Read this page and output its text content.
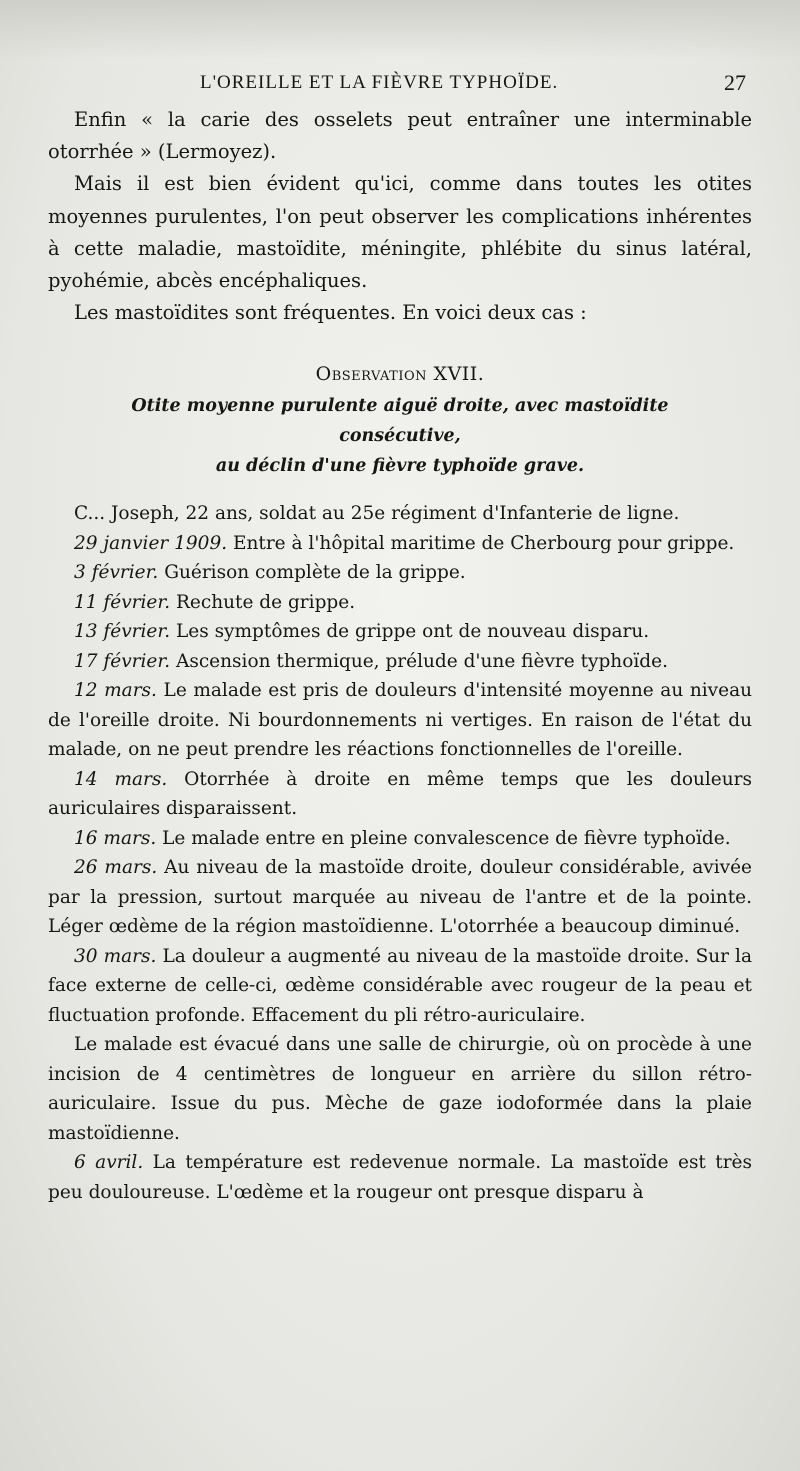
L'OREILLE ET LA FIÈVRE TYPHOÏDE.	27

Enfin « la carie des osselets peut entraîner une interminable otorrhée » (Lermoyez).

Mais il est bien évident qu'ici, comme dans toutes les otites moyennes purulentes, l'on peut observer les complications inhérentes à cette maladie, mastoïdite, méningite, phlébite du sinus latéral, pyohémie, abcès encéphaliques.

Les mastoïdites sont fréquentes. En voici deux cas :

Observation XVII.
Otite moyenne purulente aiguë droite, avec mastoïdite consécutive,
au déclin d'une fièvre typhoïde grave.

C... Joseph, 22 ans, soldat au 25e régiment d'Infanterie de ligne.

29 janvier 1909. Entre à l'hôpital maritime de Cherbourg pour grippe.

3 février. Guérison complète de la grippe.

11 février. Rechute de grippe.

13 février. Les symptômes de grippe ont de nouveau disparu.

17 février. Ascension thermique, prélude d'une fièvre typhoïde.

12 mars. Le malade est pris de douleurs d'intensité moyenne au niveau de l'oreille droite. Ni bourdonnements ni vertiges. En raison de l'état du malade, on ne peut prendre les réactions fonctionnelles de l'oreille.

14 mars. Otorrhée à droite en même temps que les douleurs auriculaires disparaissent.

16 mars. Le malade entre en pleine convalescence de fièvre typhoïde.

26 mars. Au niveau de la mastoïde droite, douleur considérable, avivée par la pression, surtout marquée au niveau de l'antre et de la pointe. Léger œdème de la région mastoïdienne. L'otorrhée a beaucoup diminué.

30 mars. La douleur a augmenté au niveau de la mastoïde droite. Sur la face externe de celle-ci, œdème considérable avec rougeur de la peau et fluctuation profonde. Effacement du pli rétro-auriculaire.

Le malade est évacué dans une salle de chirurgie, où on procède à une incision de 4 centimètres de longueur en arrière du sillon rétro-auriculaire. Issue du pus. Mèche de gaze iodoformée dans la plaie mastoïdienne.

6 avril. La température est redevenue normale. La mastoïde est très peu douloureuse. L'œdème et la rougeur ont presque disparu à
